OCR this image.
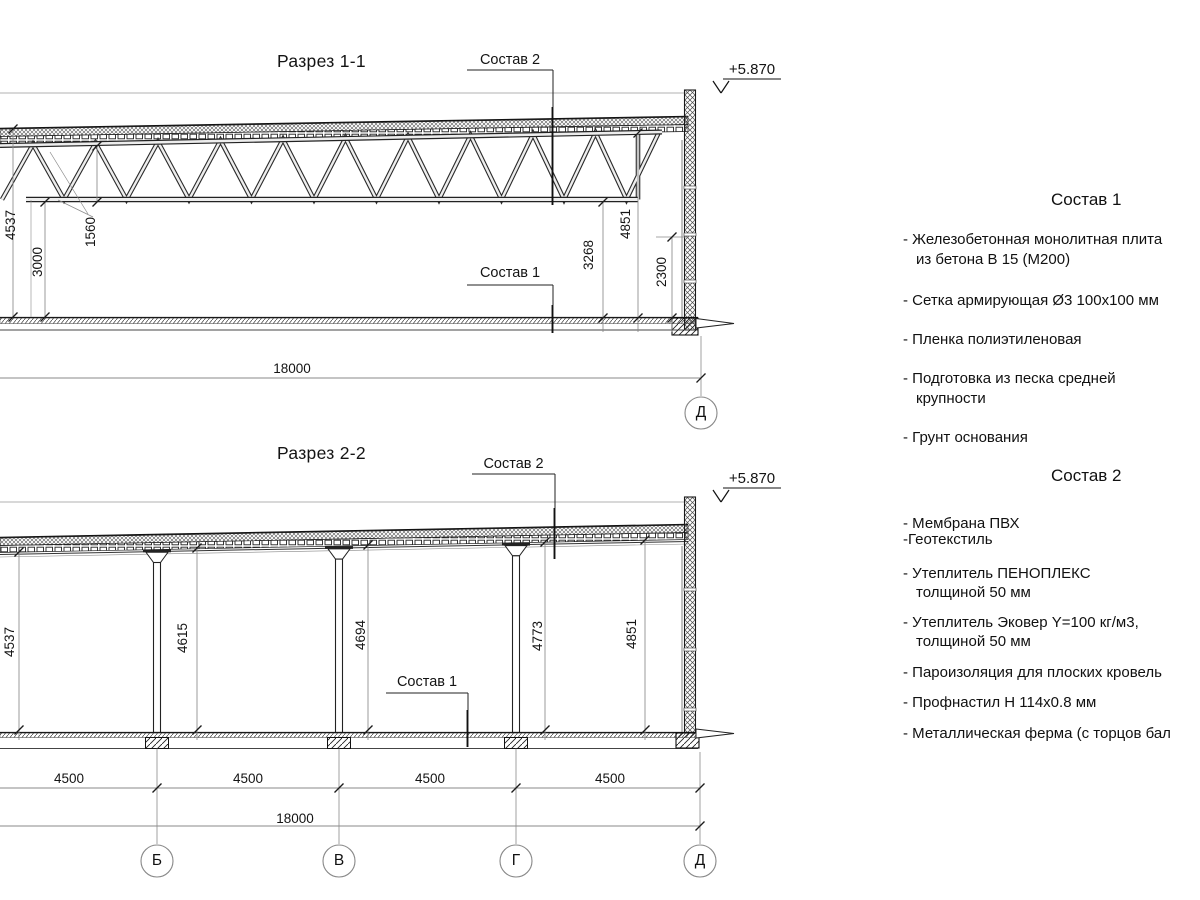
Разрез 1-1	Состав 2
Состав 1
+5.870
4537	1560
3000	3268
4851
2300
18000
Д
Разрез 2-2
Состав 2
Состав 1
+5.870
4537	4615	4694	4773	4851
4500	4500	4500	4500
18000
Б	В	Г	Д
Состав 1
- Железобетонная монолитная плита
из бетона В 15 (М200)
- Сетка армирующая Ø3 100х100 мм
- Пленка полиэтиленовая
- Подготовка из песка средней
крупности
- Грунт основания
Состав 2
- Мембрана ПВХ
-Геотекстиль
- Утеплитель ПЕНОПЛЕКС
толщиной 50 мм
- Утеплитель Эковер Y=100 кг/м3,
толщиной 50 мм
- Пароизоляция для плоских кровель
- Профнастил Н 114х0.8 мм
- Металлическая ферма (с торцов бал
